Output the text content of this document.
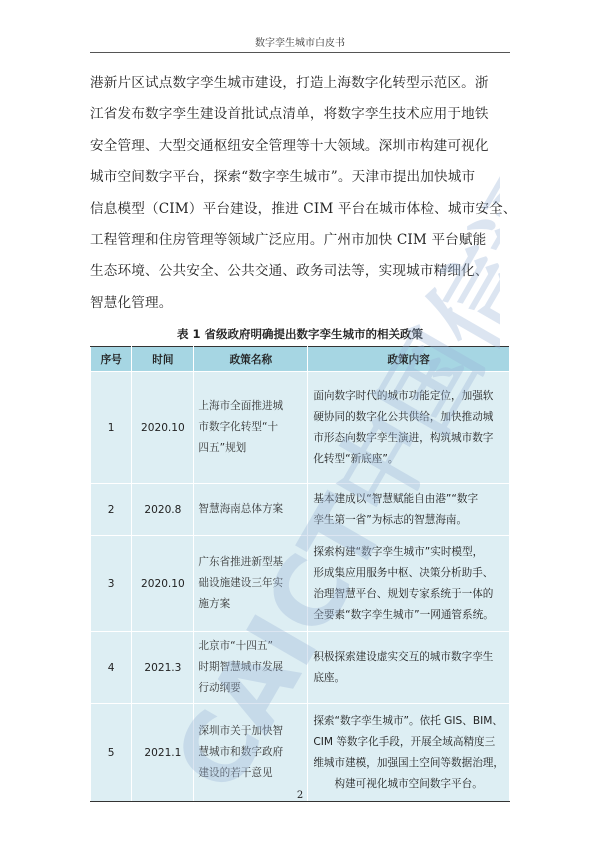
数字孪生城市白皮书
港新片区试点数字孪生城市建设，打造上海数字化转型示范区。浙
江省发布数字孪生建设首批试点清单，将数字孪生技术应用于地铁
安全管理、大型交通枢纽安全管理等十大领域。深圳市构建可视化
城市空间数字平台，探索“数字孪生城市”。天津市提出加快城市
信息模型（CIM）平台建设，推进 CIM 平台在城市体检、城市安全、
工程管理和住房管理等领域广泛应用。广州市加快 CIM 平台赋能
生态环境、公共安全、公共交通、政务司法等，实现城市精细化、
智慧化管理。
表 1 省级政府明确提出数字孪生城市的相关政策
序号	时间	政策名称	政策内容
1	2020.10	上海市全面推进城
市数字化转型“十
四五”规划	面向数字时代的城市功能定位，加强软
硬协同的数字化公共供给，加快推动城
市形态向数字孪生演进，构筑城市数字
化转型“新底座”。

2	2020.8	智慧海南总体方案	基本建成以“智慧赋能自由港”“数字
孪生第一省”为标志的智慧海南。

3	2020.10	广东省推进新型基
础设施建设三年实
施方案	探索构建“数字孪生城市”实时模型，
形成集应用服务中枢、决策分析助手、
治理智慧平台、规划专家系统于一体的
全要素“数字孪生城市”一网通管系统。

4	2021.3	北京市“十四五”
时期智慧城市发展
行动纲要	积极探索建设虚实交互的城市数字孪生
底座。

5	2021.1	深圳市关于加快智
慧城市和数字政府
建设的若干意见	探索“数字孪生城市”。依托 GIS、BIM、
CIM 等数字化手段，开展全域高精度三
维城市建模，加强国土空间等数据治理，
构建可视化城市空间数字平台。
2
